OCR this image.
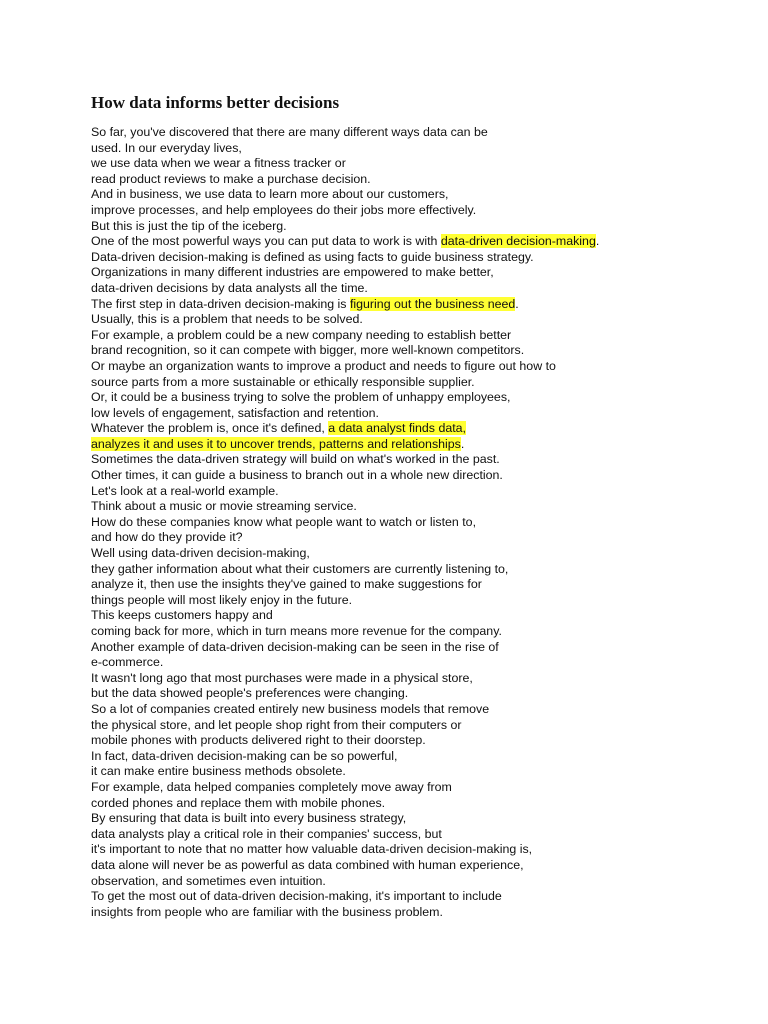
How data informs better decisions
So far, you've discovered that there are many different ways data can be
used. In our everyday lives,
we use data when we wear a fitness tracker or
read product reviews to make a purchase decision.
And in business, we use data to learn more about our customers,
improve processes, and help employees do their jobs more effectively.
But this is just the tip of the iceberg.
One of the most powerful ways you can put data to work is with data-driven decision-making.
Data-driven decision-making is defined as using facts to guide business strategy.
Organizations in many different industries are empowered to make better,
data-driven decisions by data analysts all the time.
The first step in data-driven decision-making is figuring out the business need.
Usually, this is a problem that needs to be solved.
For example, a problem could be a new company needing to establish better
brand recognition, so it can compete with bigger, more well-known competitors.
Or maybe an organization wants to improve a product and needs to figure out how to
source parts from a more sustainable or ethically responsible supplier.
Or, it could be a business trying to solve the problem of unhappy employees,
low levels of engagement, satisfaction and retention.
Whatever the problem is, once it's defined, a data analyst finds data,
analyzes it and uses it to uncover trends, patterns and relationships.
Sometimes the data-driven strategy will build on what's worked in the past.
Other times, it can guide a business to branch out in a whole new direction.
Let's look at a real-world example.
Think about a music or movie streaming service.
How do these companies know what people want to watch or listen to,
and how do they provide it?
Well using data-driven decision-making,
they gather information about what their customers are currently listening to,
analyze it, then use the insights they've gained to make suggestions for
things people will most likely enjoy in the future.
This keeps customers happy and
coming back for more, which in turn means more revenue for the company.
Another example of data-driven decision-making can be seen in the rise of
e-commerce.
It wasn't long ago that most purchases were made in a physical store,
but the data showed people's preferences were changing.
So a lot of companies created entirely new business models that remove
the physical store, and let people shop right from their computers or
mobile phones with products delivered right to their doorstep.
In fact, data-driven decision-making can be so powerful,
it can make entire business methods obsolete.
For example, data helped companies completely move away from
corded phones and replace them with mobile phones.
By ensuring that data is built into every business strategy,
data analysts play a critical role in their companies' success, but
it's important to note that no matter how valuable data-driven decision-making is,
data alone will never be as powerful as data combined with human experience,
observation, and sometimes even intuition.
To get the most out of data-driven decision-making, it's important to include
insights from people who are familiar with the business problem.
